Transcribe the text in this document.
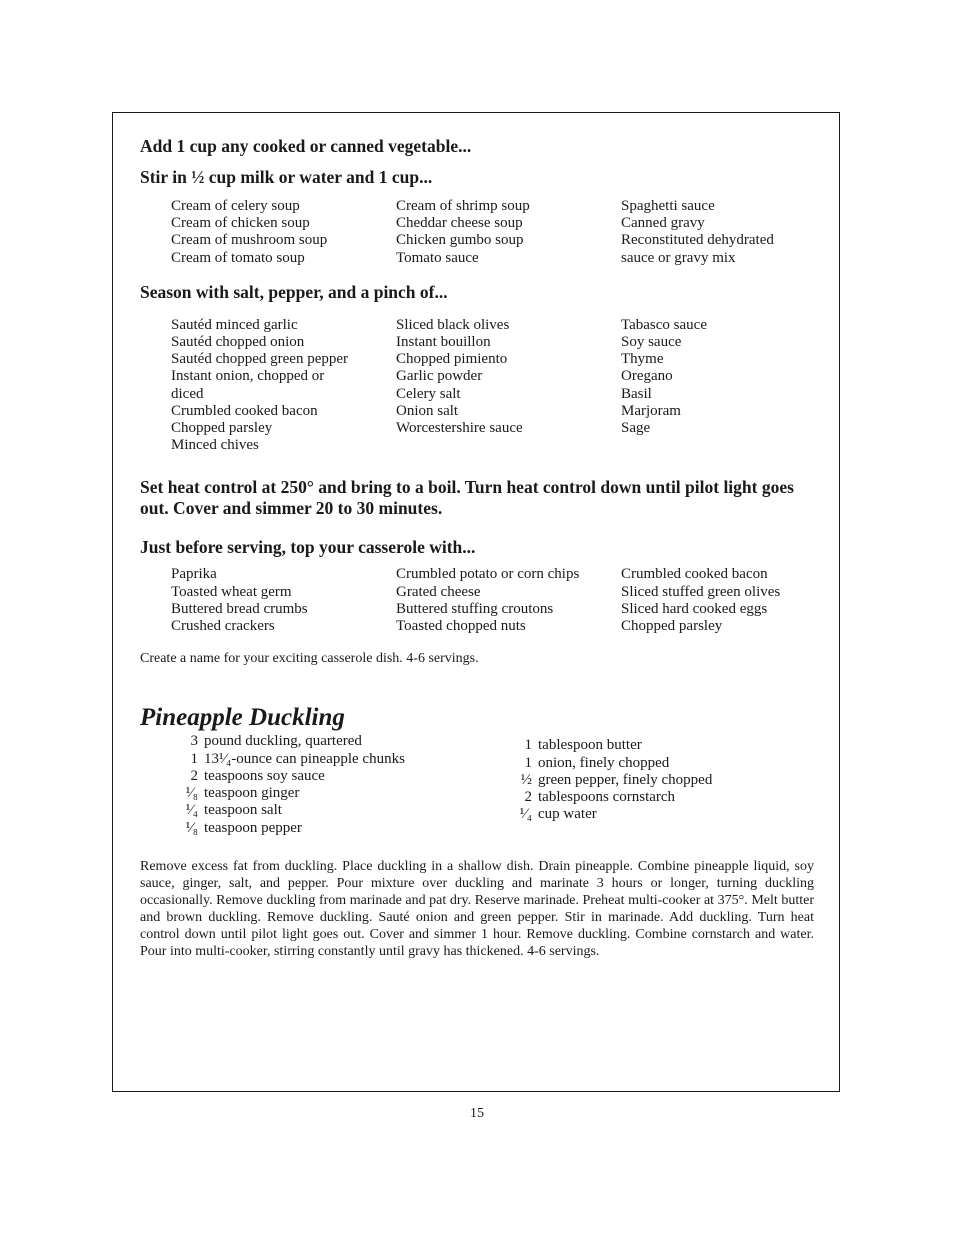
Add 1 cup any cooked or canned vegetable...

Stir in ½ cup milk or water and 1 cup...

Cream of celery soup
Cream of chicken soup
Cream of mushroom soup
Cream of tomato soup
Cream of shrimp soup
Cheddar cheese soup
Chicken gumbo soup
Tomato sauce
Spaghetti sauce
Canned gravy
Reconstituted dehydrated
sauce or gravy mix

Season with salt, pepper, and a pinch of...

Sautéd minced garlic
Sautéd chopped onion
Sautéd chopped green pepper
Instant onion, chopped or
diced
Crumbled cooked bacon
Chopped parsley
Minced chives
Sliced black olives
Instant bouillon
Chopped pimiento
Garlic powder
Celery salt
Onion salt
Worcestershire sauce
Tabasco sauce
Soy sauce
Thyme
Oregano
Basil
Marjoram
Sage

Set heat control at 250° and bring to a boil. Turn heat control down until pilot light goes out. Cover and simmer 20 to 30 minutes.

Just before serving, top your casserole with...

Paprika
Toasted wheat germ
Buttered bread crumbs
Crushed crackers
Crumbled potato or corn chips
Grated cheese
Buttered stuffing croutons
Toasted chopped nuts
Crumbled cooked bacon
Sliced stuffed green olives
Sliced hard cooked eggs
Chopped parsley

Create a name for your exciting casserole dish. 4-6 servings.

Pineapple Duckling
3 pound duckling, quartered
1 13¹⁄₄-ounce can pineapple chunks
2 teaspoons soy sauce
¹⁄₈ teaspoon ginger
¹⁄₄ teaspoon salt
¹⁄₈ teaspoon pepper
1 tablespoon butter
1 onion, finely chopped
½ green pepper, finely chopped
2 tablespoons cornstarch
¹⁄₄ cup water

Remove excess fat from duckling. Place duckling in a shallow dish. Drain pineapple. Combine pineapple liquid, soy sauce, ginger, salt, and pepper. Pour mixture over duckling and marinate 3 hours or longer, turning duckling occasionally. Remove duckling from marinade and pat dry. Reserve marinade. Preheat multi-cooker at 375°. Melt butter and brown duckling. Remove duckling. Sauté onion and green pepper. Stir in marinade. Add duckling. Turn heat control down until pilot light goes out. Cover and simmer 1 hour. Remove duckling. Combine cornstarch and water. Pour into multi-cooker, stirring constantly until gravy has thickened. 4-6 servings.

15
